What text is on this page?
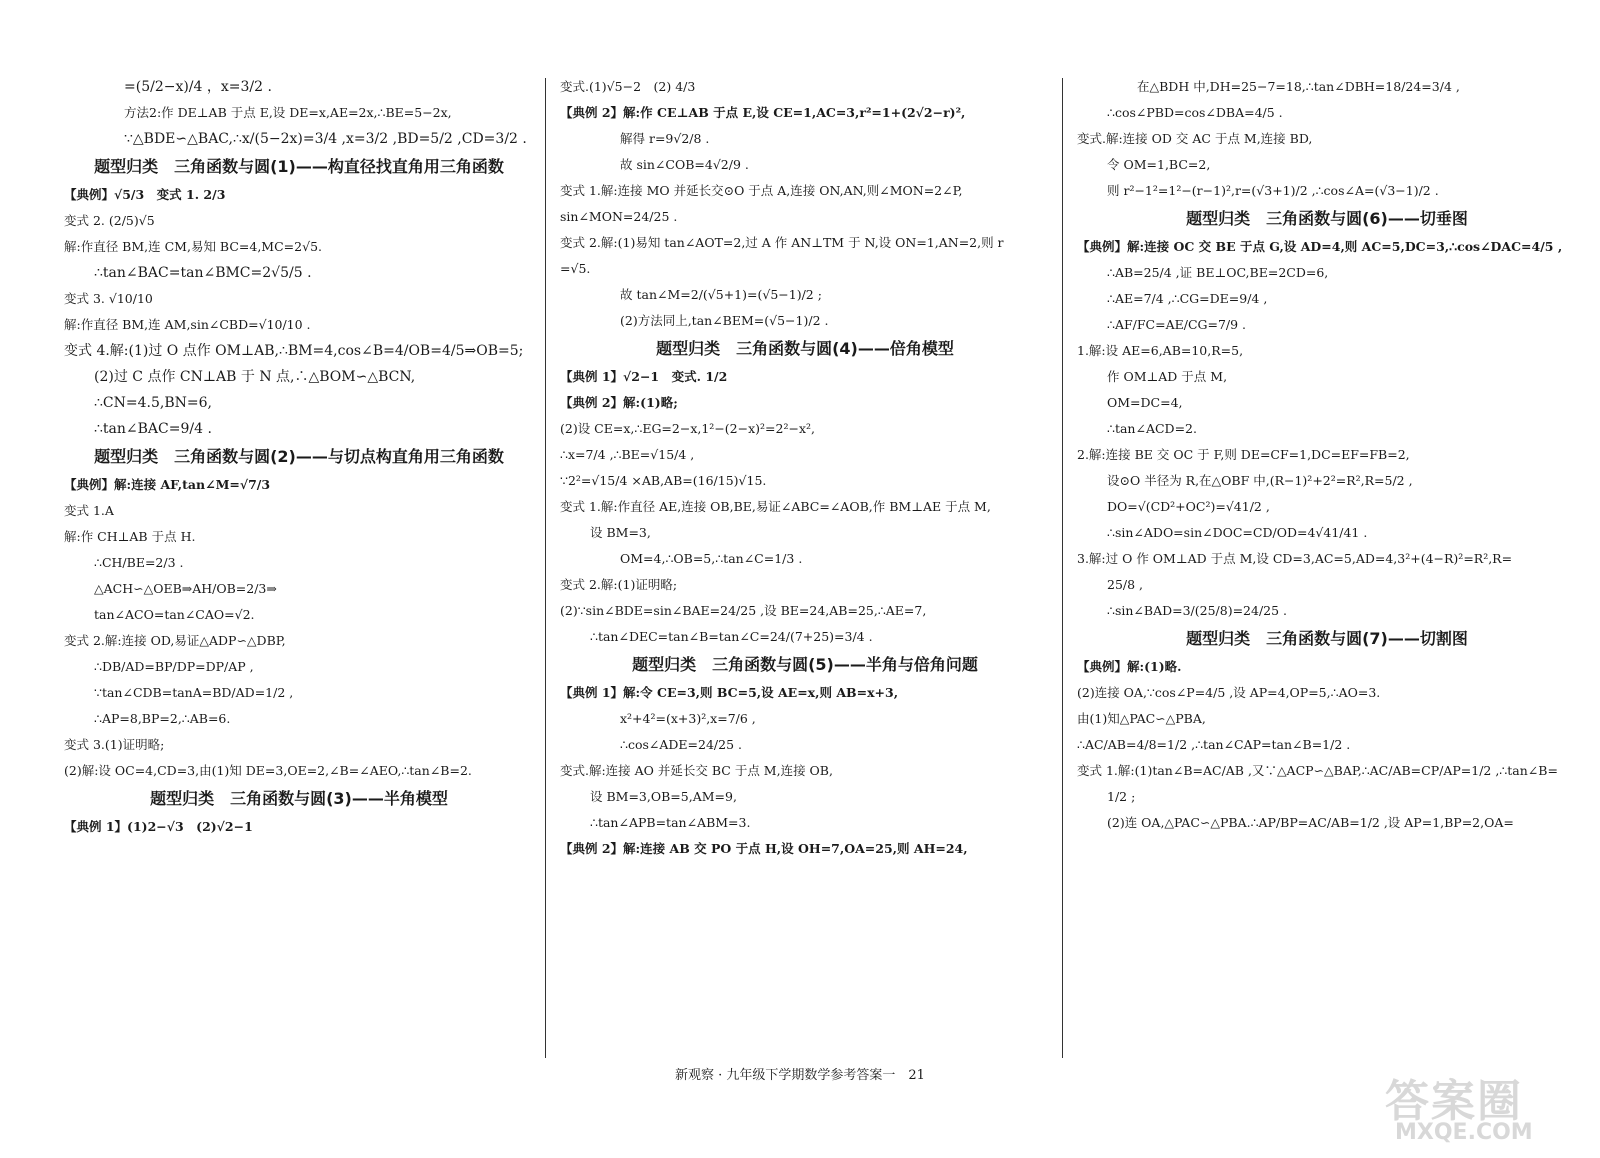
=(5/2−x)/4 ，x=3/2 .
方法2:作 DE⊥AB 于点 E,设 DE=x,AE=2x,∴BE=5−2x,
∵△BDE∽△BAC,∴x/(5−2x)=3/4 ,x=3/2 ,BD=5/2 ,CD=3/2 .
题型归类　三角函数与圆(1)——构直径找直角用三角函数
【典例】√5/3　变式 1. 2/3
变式 2. (2/5)√5
解:作直径 BM,连 CM,易知 BC=4,MC=2√5.
∴tan∠BAC=tan∠BMC=2√5/5 .
变式 3. √10/10
解:作直径 BM,连 AM,sin∠CBD=√10/10 .
变式 4.解:(1)过 O 点作 OM⊥AB,∴BM=4,cos∠B=4/OB=4/5⇒OB=5;
(2)过 C 点作 CN⊥AB 于 N 点,∴△BOM∽△BCN,
∴CN=4.5,BN=6,
∴tan∠BAC=9/4 .
题型归类　三角函数与圆(2)——与切点构直角用三角函数
【典例】解:连接 AF,tan∠M=√7/3
变式 1.A
解:作 CH⊥AB 于点 H.
∴CH/BE=2/3 .
△ACH∽△OEB⇒AH/OB=2/3⇒
tan∠ACO=tan∠CAO=√2.
变式 2.解:连接 OD,易证△ADP∽△DBP,
∴DB/AD=BP/DP=DP/AP ,
∵tan∠CDB=tanA=BD/AD=1/2 ,
∴AP=8,BP=2,∴AB=6.
变式 3.(1)证明略;
(2)解:设 OC=4,CD=3,由(1)知 DE=3,OE=2,∠B=∠AEO,∴tan∠B=2.
题型归类　三角函数与圆(3)——半角模型
【典例 1】(1)2−√3　(2)√2−1
变式.(1)√5−2　(2) 4/3
【典例 2】解:作 CE⊥AB 于点 E,设 CE=1,AC=3,r²=1+(2√2−r)²,
解得 r=9√2/8 .
故 sin∠COB=4√2/9 .
变式 1.解:连接 MO 并延长交⊙O 于点 A,连接 ON,AN,则∠MON=2∠P,
sin∠MON=24/25 .
变式 2.解:(1)易知 tan∠AOT=2,过 A 作 AN⊥TM 于 N,设 ON=1,AN=2,则 r
=√5.
故 tan∠M=2/(√5+1)=(√5−1)/2 ;
(2)方法同上,tan∠BEM=(√5−1)/2 .
题型归类　三角函数与圆(4)——倍角模型
【典例 1】√2−1　变式. 1/2
【典例 2】解:(1)略;
(2)设 CE=x,∴EG=2−x,1²−(2−x)²=2²−x²,
∴x=7/4 ,∴BE=√15/4 ,
∵2²=√15/4 ×AB,AB=(16/15)√15.
变式 1.解:作直径 AE,连接 OB,BE,易证∠ABC=∠AOB,作 BM⊥AE 于点 M,
设 BM=3,
OM=4,∴OB=5,∴tan∠C=1/3 .
变式 2.解:(1)证明略;
(2)∵sin∠BDE=sin∠BAE=24/25 ,设 BE=24,AB=25,∴AE=7,
∴tan∠DEC=tan∠B=tan∠C=24/(7+25)=3/4 .
题型归类　三角函数与圆(5)——半角与倍角问题
【典例 1】解:令 CE=3,则 BC=5,设 AE=x,则 AB=x+3,
x²+4²=(x+3)²,x=7/6 ,
∴cos∠ADE=24/25 .
变式.解:连接 AO 并延长交 BC 于点 M,连接 OB,
设 BM=3,OB=5,AM=9,
∴tan∠APB=tan∠ABM=3.
【典例 2】解:连接 AB 交 PO 于点 H,设 OH=7,OA=25,则 AH=24,
在△BDH 中,DH=25−7=18,∴tan∠DBH=18/24=3/4 ,
∴cos∠PBD=cos∠DBA=4/5 .
变式.解:连接 OD 交 AC 于点 M,连接 BD,
令 OM=1,BC=2,
则 r²−1²=1²−(r−1)²,r=(√3+1)/2 ,∴cos∠A=(√3−1)/2 .
题型归类　三角函数与圆(6)——切垂图
【典例】解:连接 OC 交 BE 于点 G,设 AD=4,则 AC=5,DC=3,∴cos∠DAC=4/5 ,
∴AB=25/4 ,证 BE⊥OC,BE=2CD=6,
∴AE=7/4 ,∴CG=DE=9/4 ,
∴AF/FC=AE/CG=7/9 .
1.解:设 AE=6,AB=10,R=5,
作 OM⊥AD 于点 M,
OM=DC=4,
∴tan∠ACD=2.
2.解:连接 BE 交 OC 于 F,则 DE=CF=1,DC=EF=FB=2,
设⊙O 半径为 R,在△OBF 中,(R−1)²+2²=R²,R=5/2 ,
DO=√(CD²+OC²)=√41/2 ,
∴sin∠ADO=sin∠DOC=CD/OD=4√41/41 .
3.解:过 O 作 OM⊥AD 于点 M,设 CD=3,AC=5,AD=4,3²+(4−R)²=R²,R=
25/8 ,
∴sin∠BAD=3/(25/8)=24/25 .
题型归类　三角函数与圆(7)——切割图
【典例】解:(1)略.
(2)连接 OA,∵cos∠P=4/5 ,设 AP=4,OP=5,∴AO=3.
由(1)知△PAC∽△PBA,
∴AC/AB=4/8=1/2 ,∴tan∠CAP=tan∠B=1/2 .
变式 1.解:(1)tan∠B=AC/AB ,又∵△ACP∽△BAP,∴AC/AB=CP/AP=1/2 ,∴tan∠B=
1/2 ;
(2)连 OA,△PAC∽△PBA.∴AP/BP=AC/AB=1/2 ,设 AP=1,BP=2,OA=
新观察 · 九年级下学期数学参考答案一　21
答案圈
MXQE.COM
